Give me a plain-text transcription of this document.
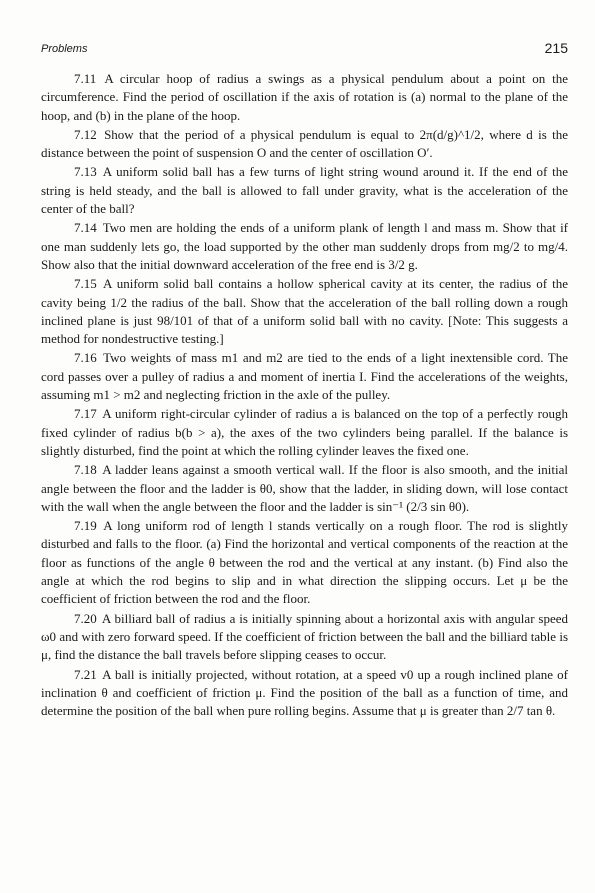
Problems	215

7.11 A circular hoop of radius a swings as a physical pendulum about a point on the circumference. Find the period of oscillation if the axis of rotation is (a) normal to the plane of the hoop, and (b) in the plane of the hoop.

7.12 Show that the period of a physical pendulum is equal to 2π(d/g)^1/2, where d is the distance between the point of suspension O and the center of oscillation O′.

7.13 A uniform solid ball has a few turns of light string wound around it. If the end of the string is held steady, and the ball is allowed to fall under gravity, what is the acceleration of the center of the ball?

7.14 Two men are holding the ends of a uniform plank of length l and mass m. Show that if one man suddenly lets go, the load supported by the other man suddenly drops from mg/2 to mg/4. Show also that the initial downward acceleration of the free end is 3/2 g.

7.15 A uniform solid ball contains a hollow spherical cavity at its center, the radius of the cavity being 1/2 the radius of the ball. Show that the acceleration of the ball rolling down a rough inclined plane is just 98/101 of that of a uniform solid ball with no cavity. [Note: This suggests a method for nondestructive testing.]

7.16 Two weights of mass m1 and m2 are tied to the ends of a light inextensible cord. The cord passes over a pulley of radius a and moment of inertia I. Find the accelerations of the weights, assuming m1 > m2 and neglecting friction in the axle of the pulley.

7.17 A uniform right-circular cylinder of radius a is balanced on the top of a perfectly rough fixed cylinder of radius b(b > a), the axes of the two cylinders being parallel. If the balance is slightly disturbed, find the point at which the rolling cylinder leaves the fixed one.

7.18 A ladder leans against a smooth vertical wall. If the floor is also smooth, and the initial angle between the floor and the ladder is θ0, show that the ladder, in sliding down, will lose contact with the wall when the angle between the floor and the ladder is sin⁻¹ (2/3 sin θ0).

7.19 A long uniform rod of length l stands vertically on a rough floor. The rod is slightly disturbed and falls to the floor. (a) Find the horizontal and vertical components of the reaction at the floor as functions of the angle θ between the rod and the vertical at any instant. (b) Find also the angle at which the rod begins to slip and in what direction the slipping occurs. Let μ be the coefficient of friction between the rod and the floor.

7.20 A billiard ball of radius a is initially spinning about a horizontal axis with angular speed ω0 and with zero forward speed. If the coefficient of friction between the ball and the billiard table is μ, find the distance the ball travels before slipping ceases to occur.

7.21 A ball is initially projected, without rotation, at a speed v0 up a rough inclined plane of inclination θ and coefficient of friction μ. Find the position of the ball as a function of time, and determine the position of the ball when pure rolling begins. Assume that μ is greater than 2/7 tan θ.
